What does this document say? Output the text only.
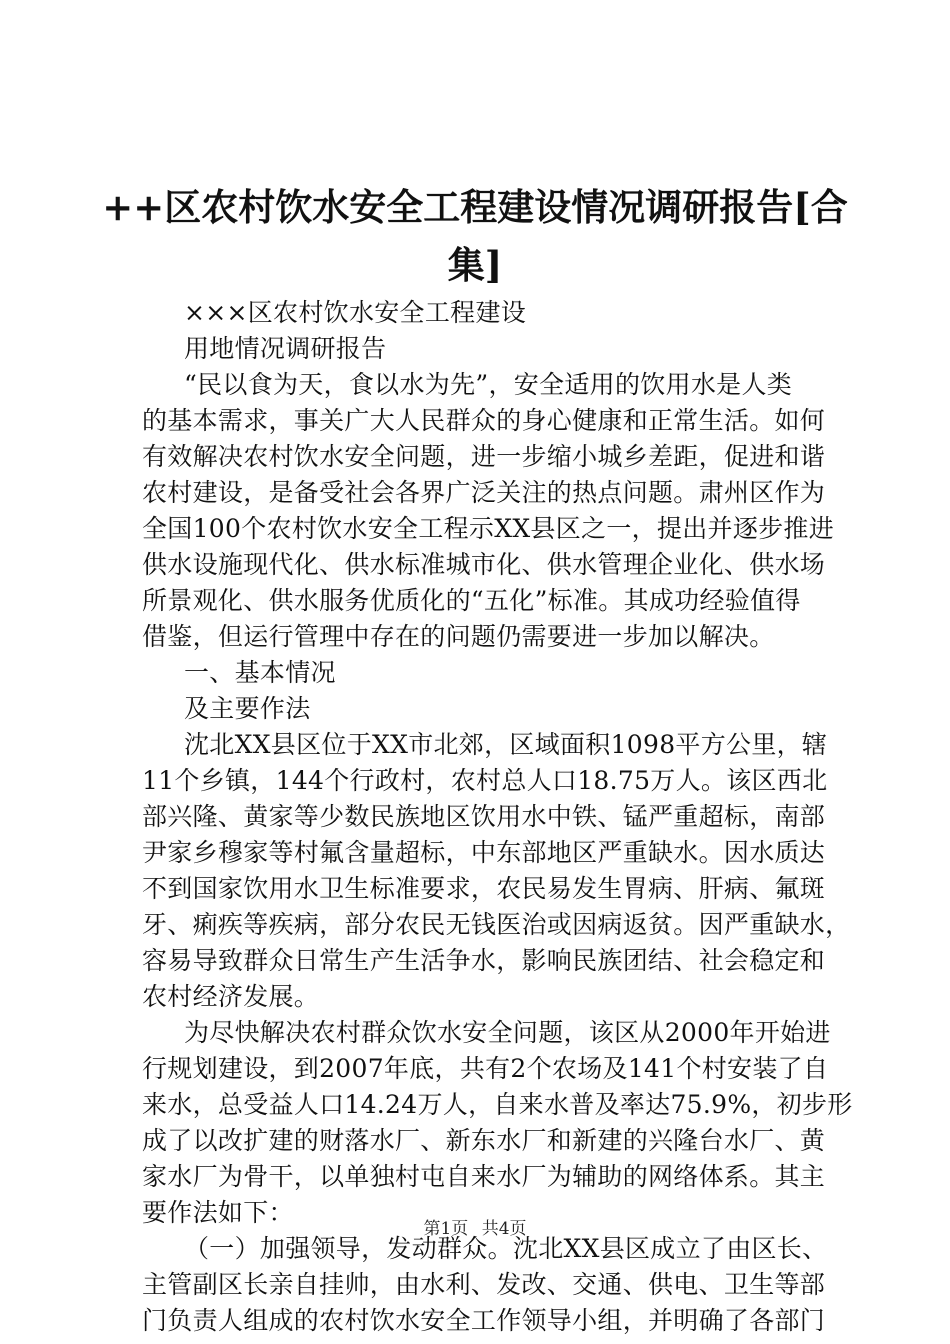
++区农村饮水安全工程建设情况调研报告[合
集]
×××区农村饮水安全工程建设
用地情况调研报告
“民以食为天，食以水为先”，安全适用的饮用水是人类
的基本需求，事关广大人民群众的身心健康和正常生活。如何
有效解决农村饮水安全问题，进一步缩小城乡差距，促进和谐
农村建设，是备受社会各界广泛关注的热点问题。肃州区作为
全国100个农村饮水安全工程示XX县区之一，提出并逐步推进
供水设施现代化、供水标准城市化、供水管理企业化、供水场
所景观化、供水服务优质化的“五化”标准。其成功经验值得
借鉴，但运行管理中存在的问题仍需要进一步加以解决。
一、基本情况
及主要作法
沈北XX县区位于XX市北郊，区域面积1098平方公里，辖
11个乡镇，144个行政村，农村总人口18.75万人。该区西北
部兴隆、黄家等少数民族地区饮用水中铁、锰严重超标，南部
尹家乡穆家等村氟含量超标，中东部地区严重缺水。因水质达
不到国家饮用水卫生标准要求，农民易发生胃病、肝病、氟斑
牙、痢疾等疾病，部分农民无钱医治或因病返贫。因严重缺水，
容易导致群众日常生产生活争水，影响民族团结、社会稳定和
农村经济发展。
为尽快解决农村群众饮水安全问题，该区从2000年开始进
行规划建设，到2007年底，共有2个农场及141个村安装了自
来水，总受益人口14.24万人，自来水普及率达75.9%，初步形
成了以改扩建的财落水厂、新东水厂和新建的兴隆台水厂、黄
家水厂为骨干，以单独村屯自来水厂为辅助的网络体系。其主
要作法如下：
（一）加强领导，发动群众。沈北XX县区成立了由区长、
主管副区长亲自挂帅，由水利、发改、交通、供电、卫生等部
门负责人组成的农村饮水安全工作领导小组，并明确了各部门
第1页 共4页
